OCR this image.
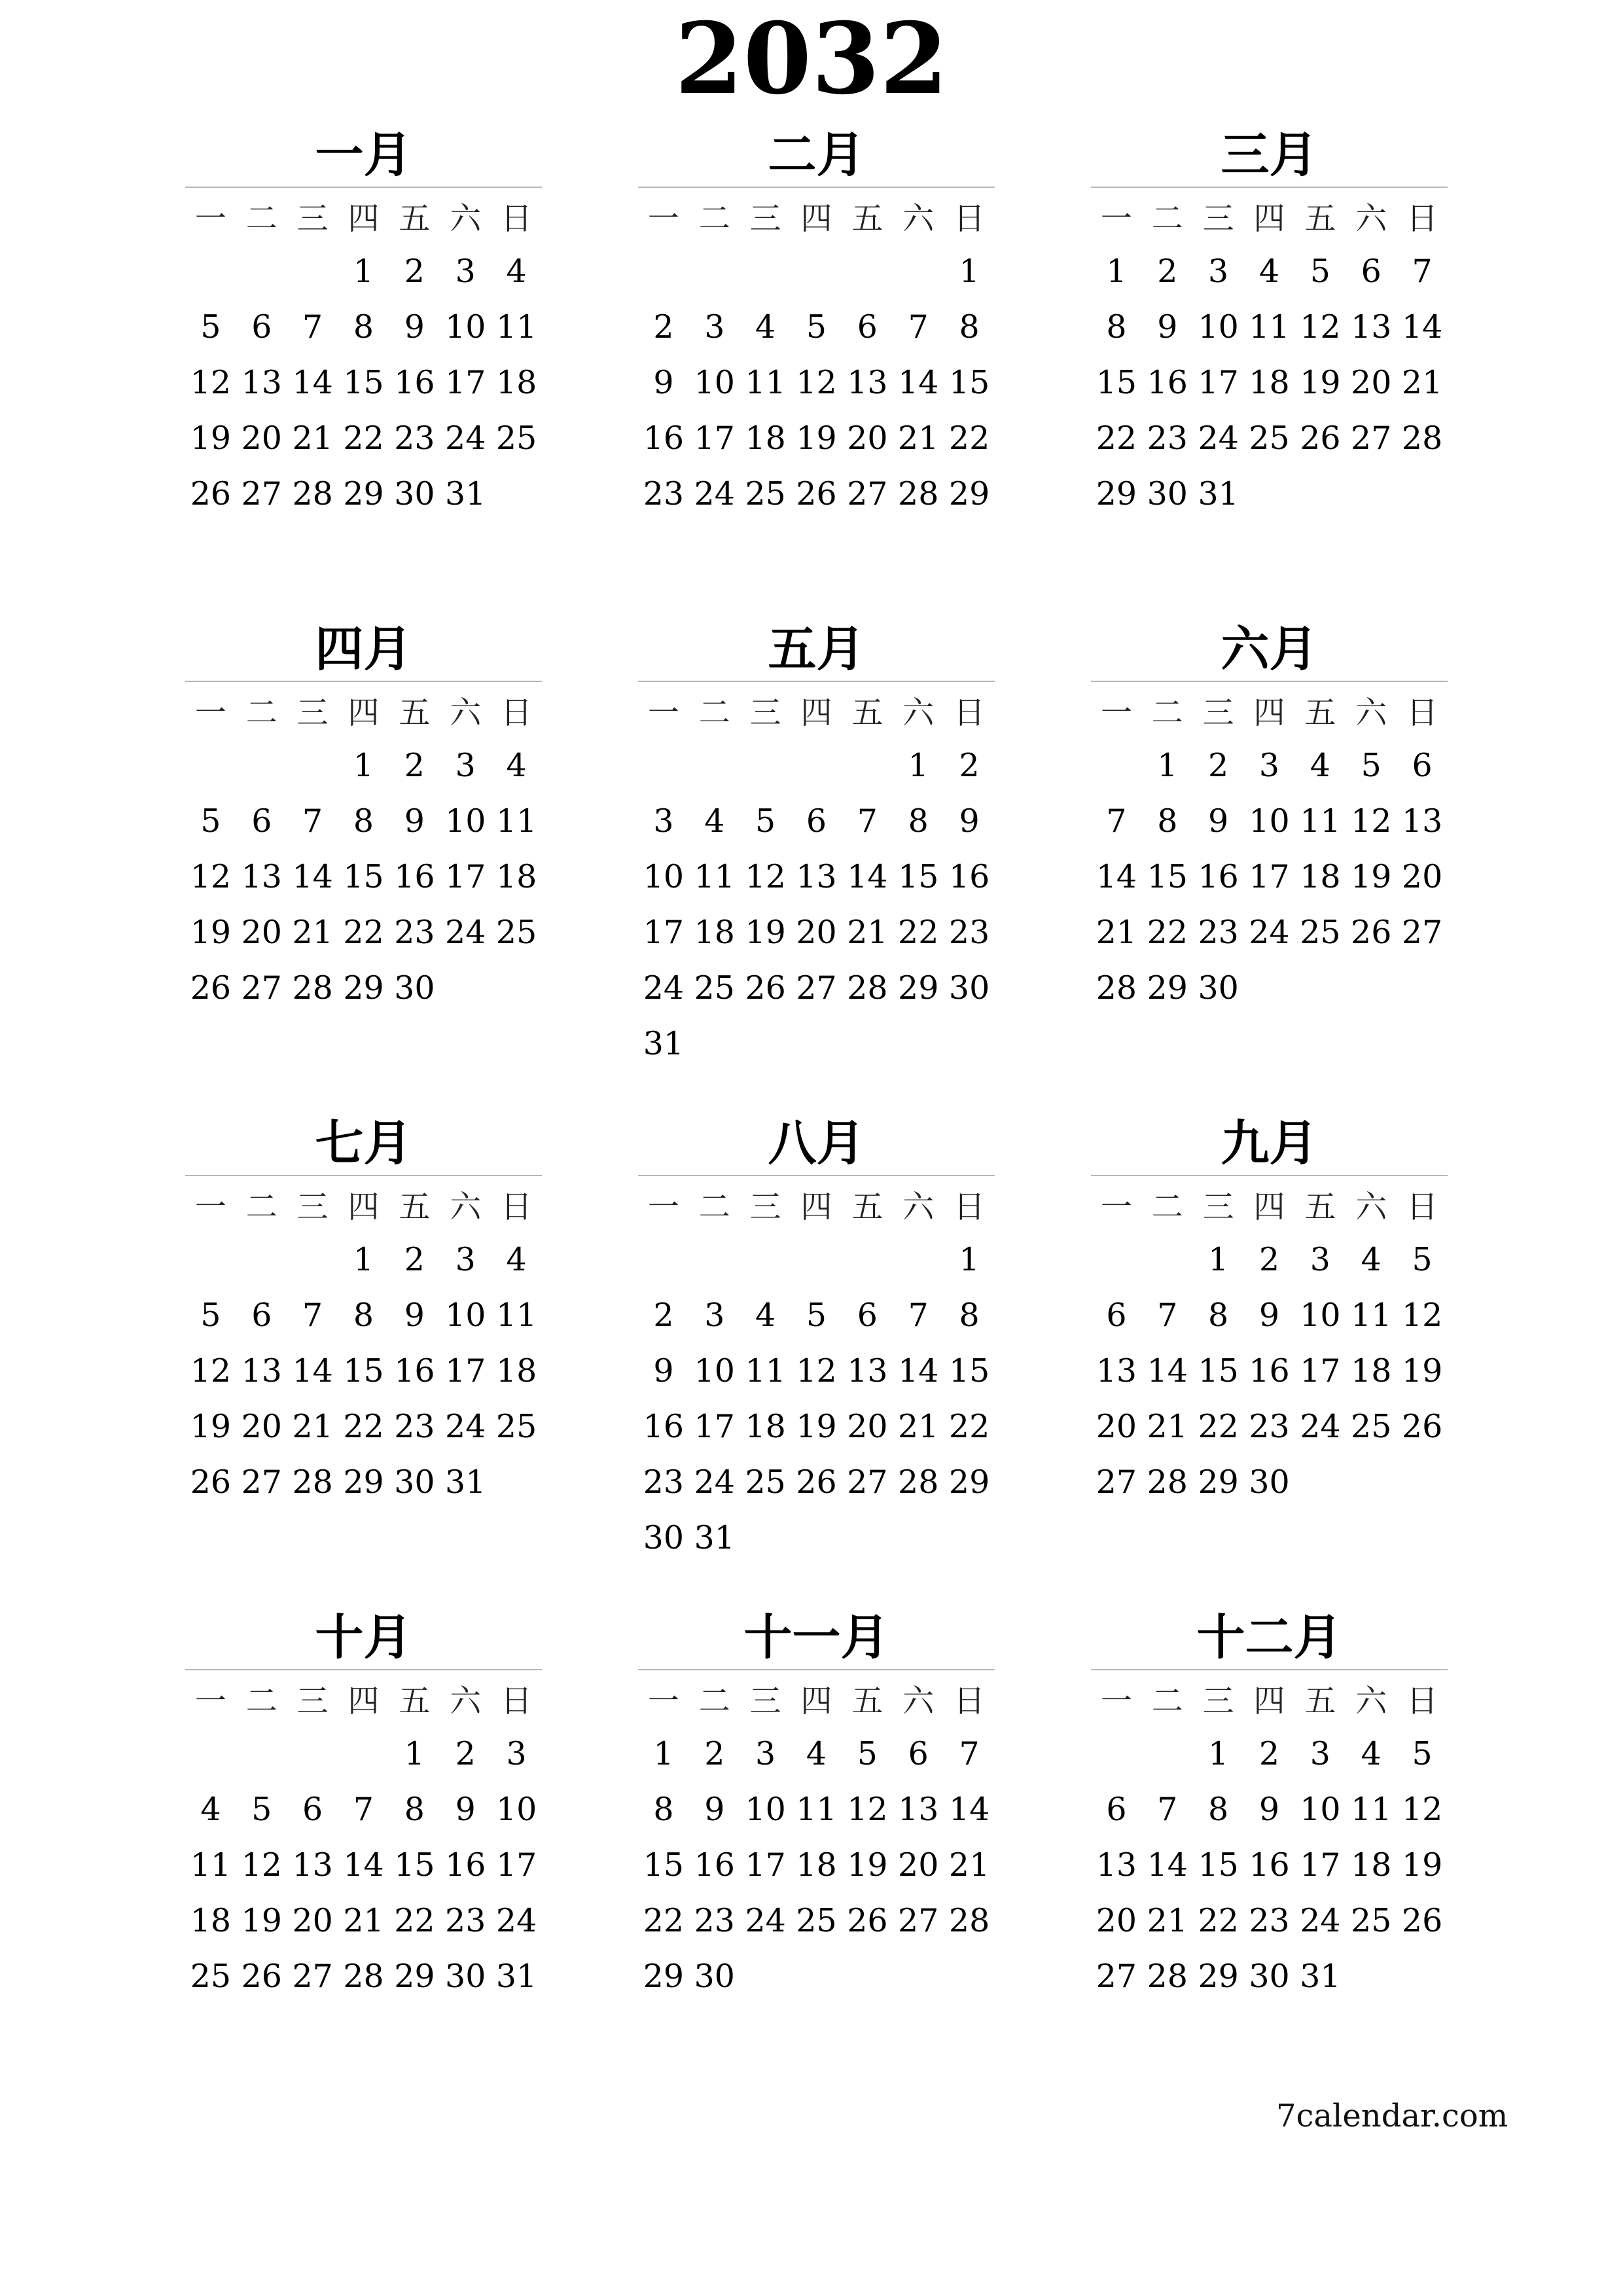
2032
一月
一	二	三	四	五	六	日
			1	2	3	4
5	6	7	8	9	10	11
12	13	14	15	16	17	18
19	20	21	22	23	24	25
26	27	28	29	30	31	
二月
一	二	三	四	五	六	日
						1
2	3	4	5	6	7	8
9	10	11	12	13	14	15
16	17	18	19	20	21	22
23	24	25	26	27	28	29
三月
一	二	三	四	五	六	日
1	2	3	4	5	6	7
8	9	10	11	12	13	14
15	16	17	18	19	20	21
22	23	24	25	26	27	28
29	30	31				
四月
一	二	三	四	五	六	日
			1	2	3	4
5	6	7	8	9	10	11
12	13	14	15	16	17	18
19	20	21	22	23	24	25
26	27	28	29	30		
五月
一	二	三	四	五	六	日
					1	2
3	4	5	6	7	8	9
10	11	12	13	14	15	16
17	18	19	20	21	22	23
24	25	26	27	28	29	30
31						
六月
一	二	三	四	五	六	日
	1	2	3	4	5	6
7	8	9	10	11	12	13
14	15	16	17	18	19	20
21	22	23	24	25	26	27
28	29	30				
七月
一	二	三	四	五	六	日
			1	2	3	4
5	6	7	8	9	10	11
12	13	14	15	16	17	18
19	20	21	22	23	24	25
26	27	28	29	30	31	
八月
一	二	三	四	五	六	日
						1
2	3	4	5	6	7	8
9	10	11	12	13	14	15
16	17	18	19	20	21	22
23	24	25	26	27	28	29
30	31					
九月
一	二	三	四	五	六	日
		1	2	3	4	5
6	7	8	9	10	11	12
13	14	15	16	17	18	19
20	21	22	23	24	25	26
27	28	29	30			
十月
一	二	三	四	五	六	日
				1	2	3
4	5	6	7	8	9	10
11	12	13	14	15	16	17
18	19	20	21	22	23	24
25	26	27	28	29	30	31
十一月
一	二	三	四	五	六	日
1	2	3	4	5	6	7
8	9	10	11	12	13	14
15	16	17	18	19	20	21
22	23	24	25	26	27	28
29	30					
十二月
一	二	三	四	五	六	日
		1	2	3	4	5
6	7	8	9	10	11	12
13	14	15	16	17	18	19
20	21	22	23	24	25	26
27	28	29	30	31		
7calendar.com
